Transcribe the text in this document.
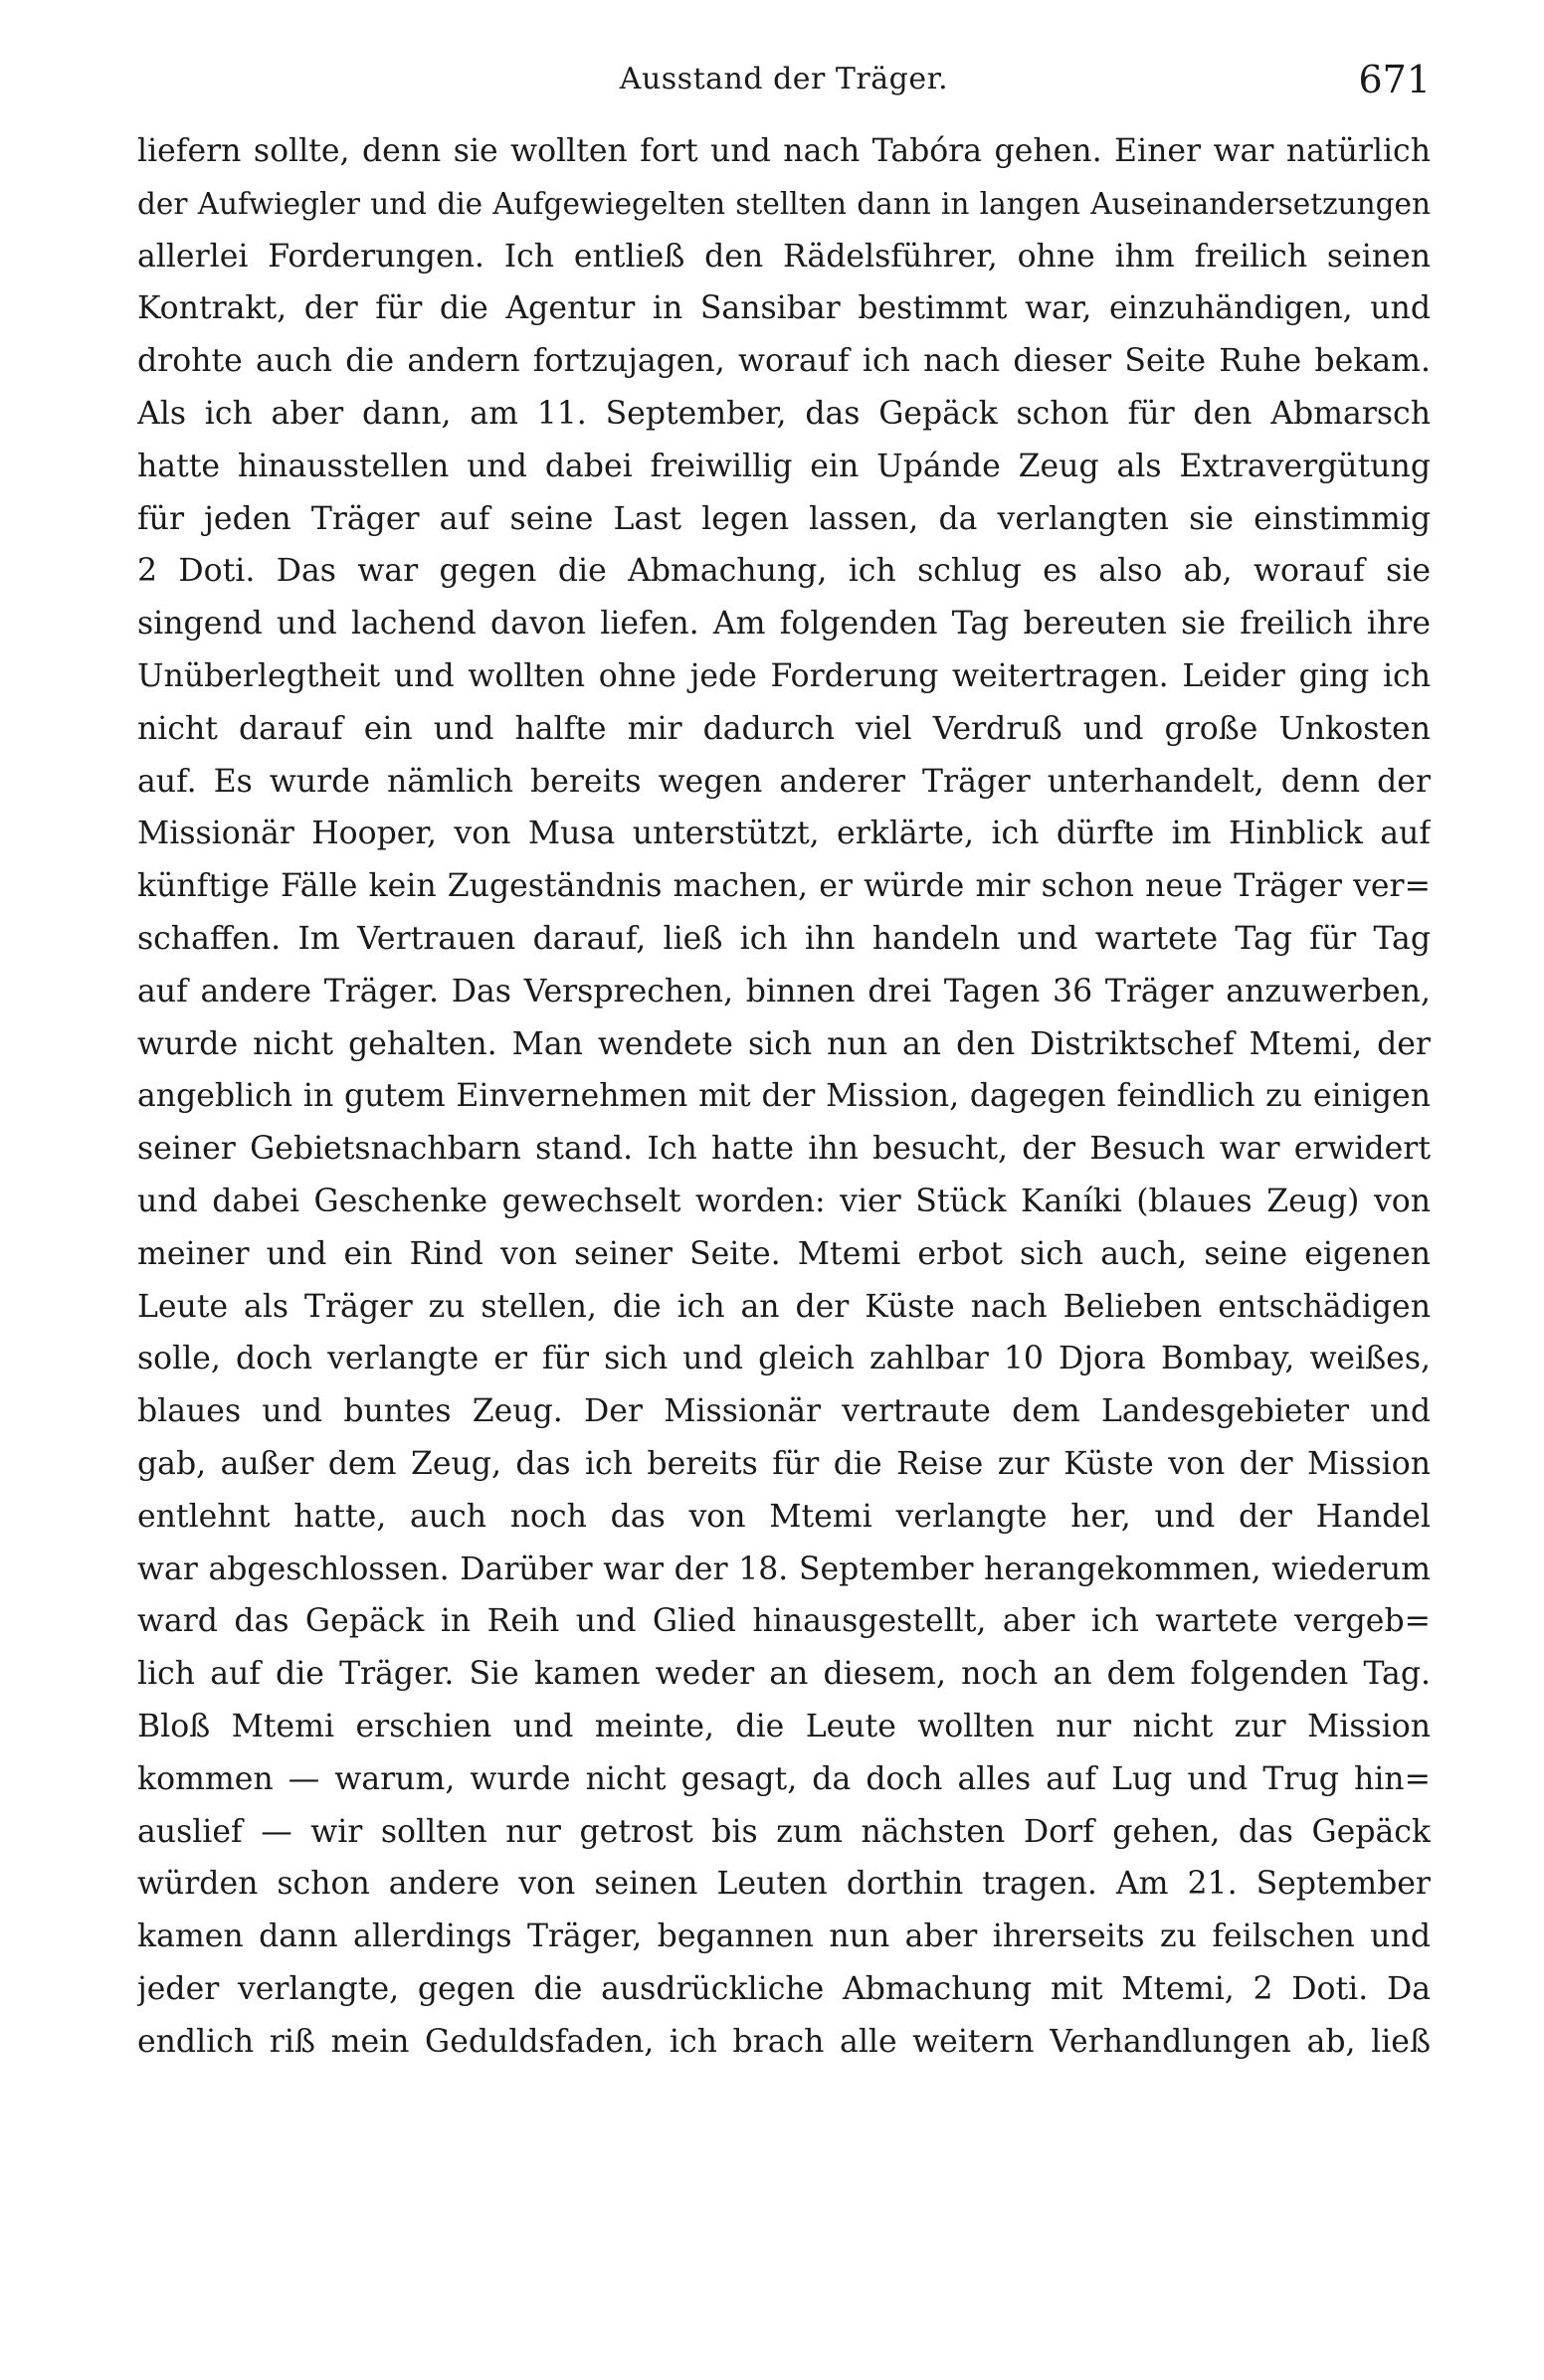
Ausstand der Träger.	671
liefern sollte, denn sie wollten fort und nach Tabóra gehen. Einer war natürlich
der Aufwiegler und die Aufgewiegelten stellten dann in langen Auseinandersetzungen
allerlei Forderungen. Ich entließ den Rädelsführer, ohne ihm freilich seinen
Kontrakt, der für die Agentur in Sansibar bestimmt war, einzuhändigen, und
drohte auch die andern fortzujagen, worauf ich nach dieser Seite Ruhe bekam.
Als ich aber dann, am 11. September, das Gepäck schon für den Abmarsch
hatte hinausstellen und dabei freiwillig ein Upánde Zeug als Extravergütung
für jeden Träger auf seine Last legen lassen, da verlangten sie einstimmig
2 Doti. Das war gegen die Abmachung, ich schlug es also ab, worauf sie
singend und lachend davon liefen. Am folgenden Tag bereuten sie freilich ihre
Unüberlegtheit und wollten ohne jede Forderung weitertragen. Leider ging ich
nicht darauf ein und halfte mir dadurch viel Verdruß und große Unkosten
auf. Es wurde nämlich bereits wegen anderer Träger unterhandelt, denn der
Missionär Hooper, von Musa unterstützt, erklärte, ich dürfte im Hinblick auf
künftige Fälle kein Zugeständnis machen, er würde mir schon neue Träger ver=
schaffen. Im Vertrauen darauf, ließ ich ihn handeln und wartete Tag für Tag
auf andere Träger. Das Versprechen, binnen drei Tagen 36 Träger anzuwerben,
wurde nicht gehalten. Man wendete sich nun an den Distriktschef Mtemi, der
angeblich in gutem Einvernehmen mit der Mission, dagegen feindlich zu einigen
seiner Gebietsnachbarn stand. Ich hatte ihn besucht, der Besuch war erwidert
und dabei Geschenke gewechselt worden: vier Stück Kaníki (blaues Zeug) von
meiner und ein Rind von seiner Seite. Mtemi erbot sich auch, seine eigenen
Leute als Träger zu stellen, die ich an der Küste nach Belieben entschädigen
solle, doch verlangte er für sich und gleich zahlbar 10 Djora Bombay, weißes,
blaues und buntes Zeug. Der Missionär vertraute dem Landesgebieter und
gab, außer dem Zeug, das ich bereits für die Reise zur Küste von der Mission
entlehnt hatte, auch noch das von Mtemi verlangte her, und der Handel
war abgeschlossen. Darüber war der 18. September herangekommen, wiederum
ward das Gepäck in Reih und Glied hinausgestellt, aber ich wartete vergeb=
lich auf die Träger. Sie kamen weder an diesem, noch an dem folgenden Tag.
Bloß Mtemi erschien und meinte, die Leute wollten nur nicht zur Mission
kommen — warum, wurde nicht gesagt, da doch alles auf Lug und Trug hin=
auslief — wir sollten nur getrost bis zum nächsten Dorf gehen, das Gepäck
würden schon andere von seinen Leuten dorthin tragen. Am 21. September
kamen dann allerdings Träger, begannen nun aber ihrerseits zu feilschen und
jeder verlangte, gegen die ausdrückliche Abmachung mit Mtemi, 2 Doti. Da
endlich riß mein Geduldsfaden, ich brach alle weitern Verhandlungen ab, ließ
